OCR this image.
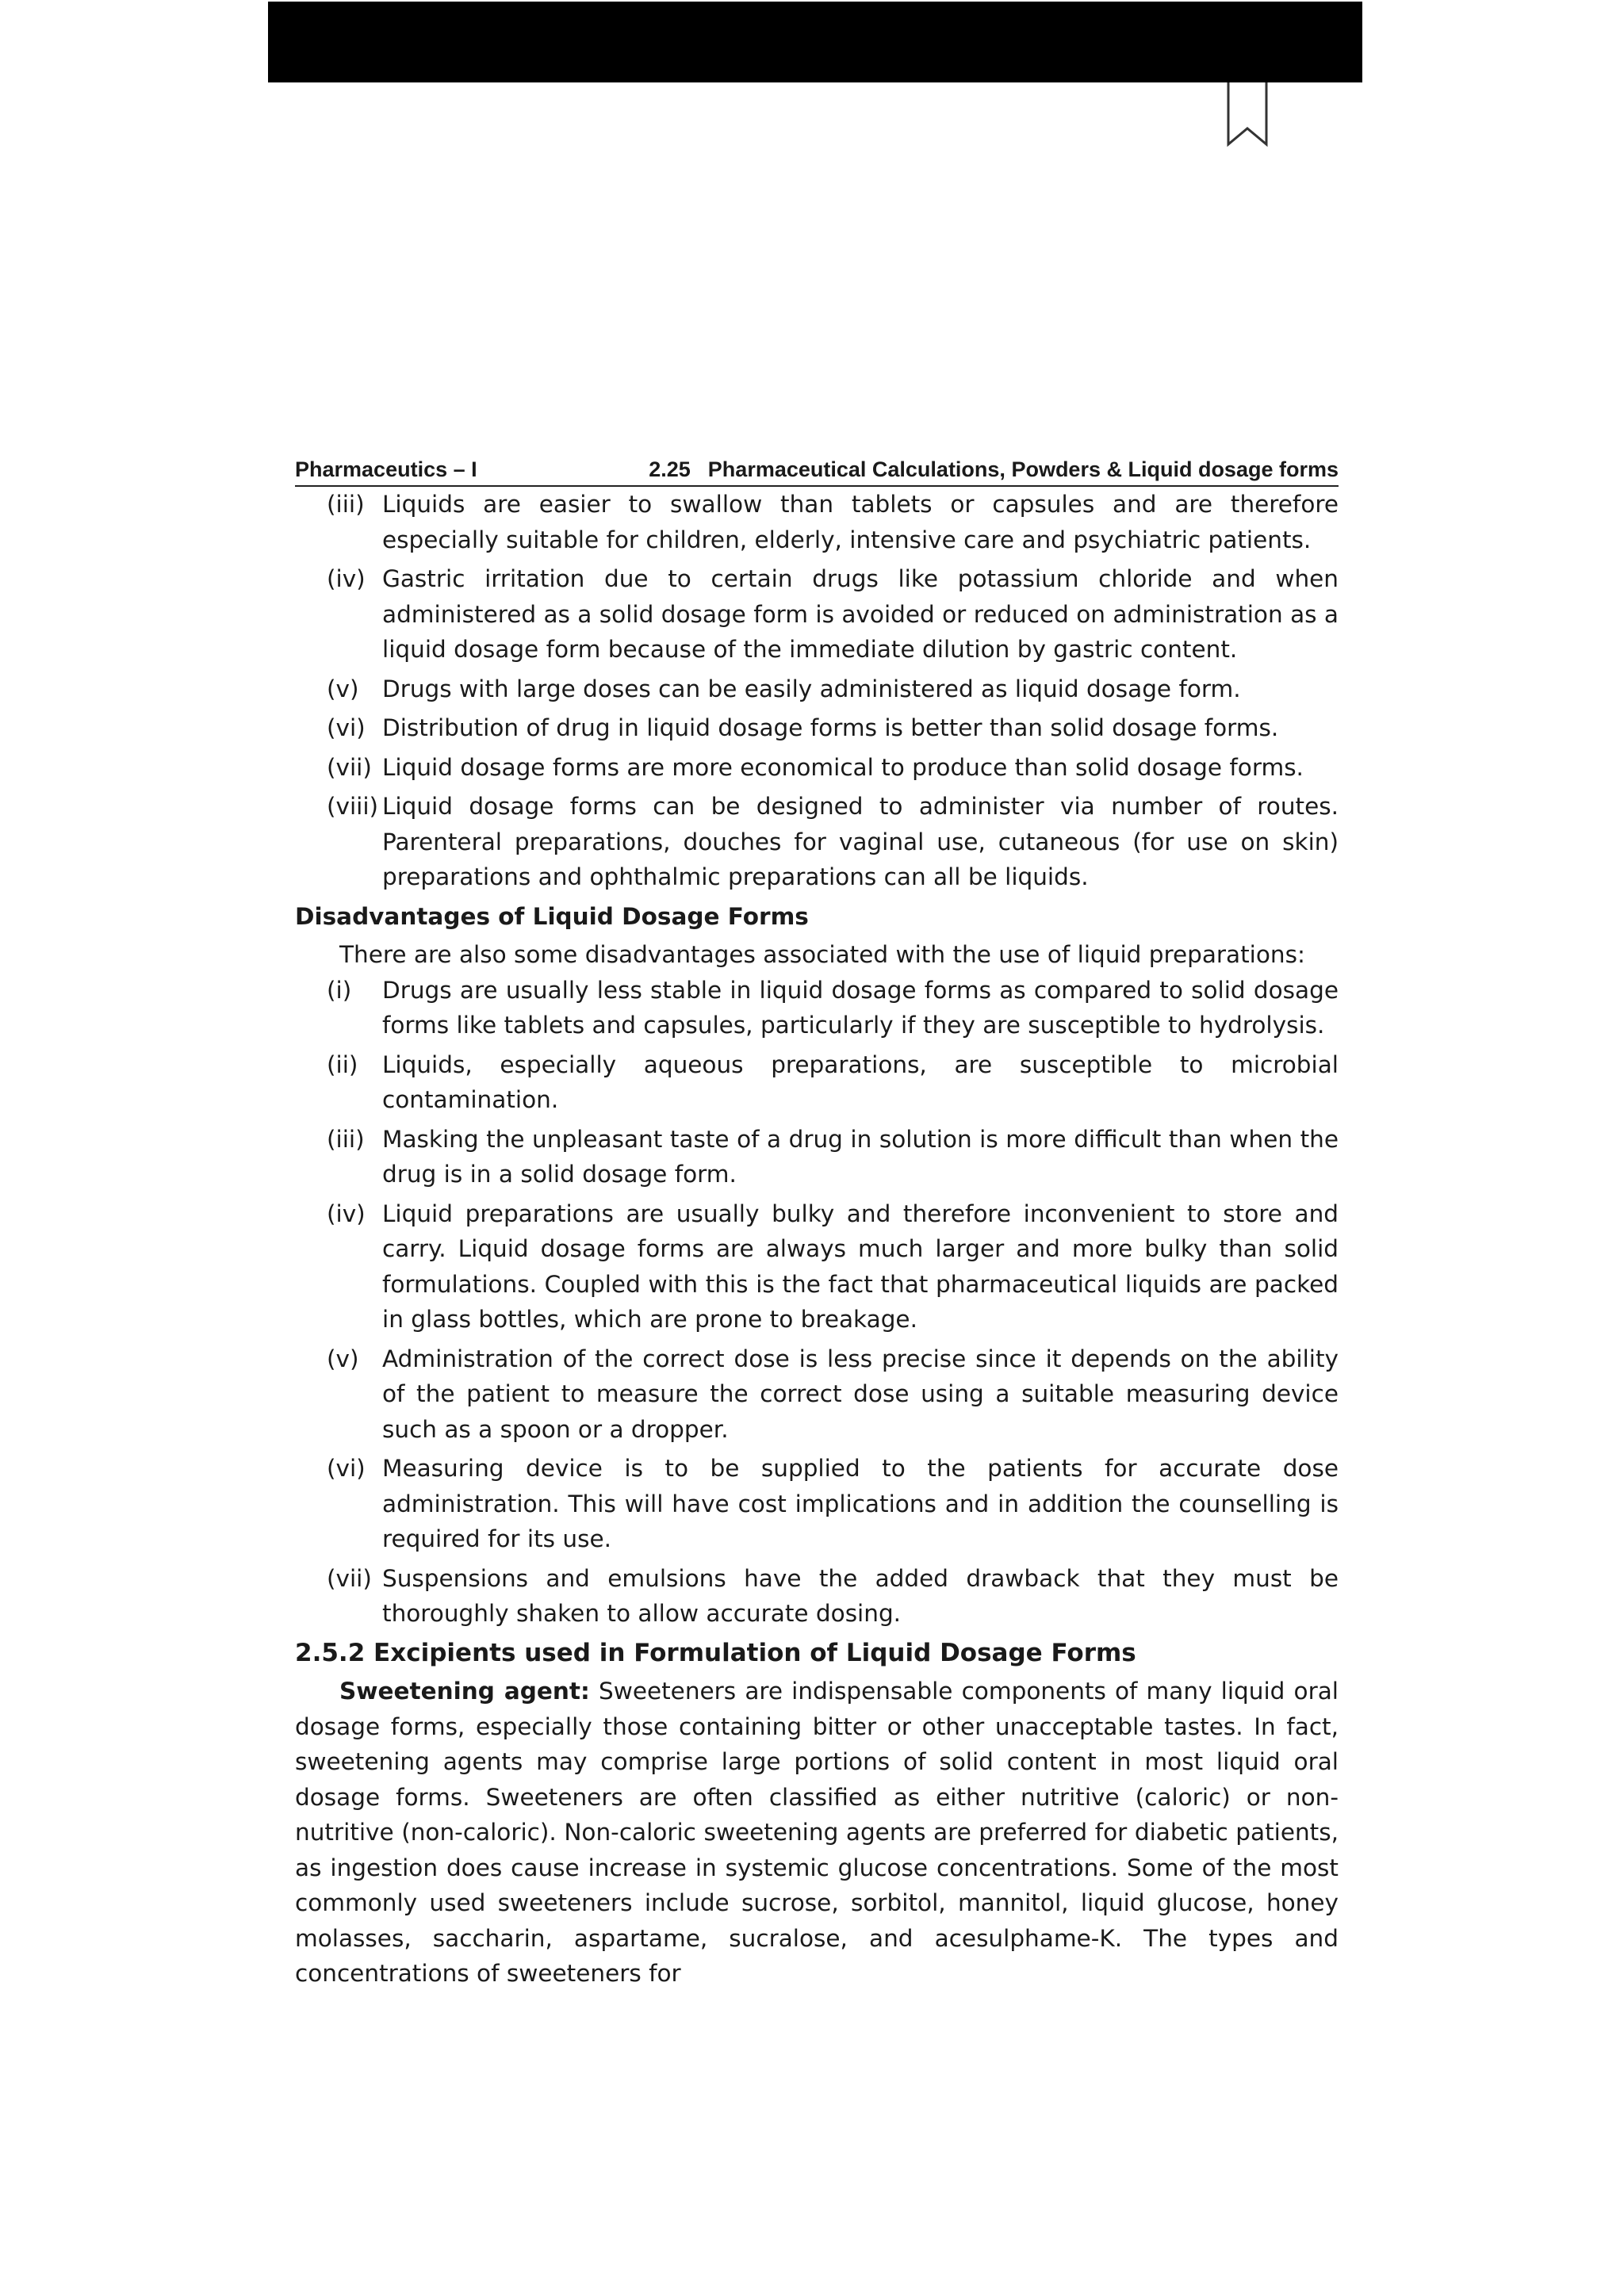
Pharmaceutics – I	2.25 Pharmaceutical Calculations, Powders & Liquid dosage forms
(iii) Liquids are easier to swallow than tablets or capsules and are therefore especially suitable for children, elderly, intensive care and psychiatric patients.
(iv) Gastric irritation due to certain drugs like potassium chloride and when administered as a solid dosage form is avoided or reduced on administration as a liquid dosage form because of the immediate dilution by gastric content.
(v) Drugs with large doses can be easily administered as liquid dosage form.
(vi) Distribution of drug in liquid dosage forms is better than solid dosage forms.
(vii) Liquid dosage forms are more economical to produce than solid dosage forms.
(viii) Liquid dosage forms can be designed to administer via number of routes. Parenteral preparations, douches for vaginal use, cutaneous (for use on skin) preparations and ophthalmic preparations can all be liquids.

Disadvantages of Liquid Dosage Forms

There are also some disadvantages associated with the use of liquid preparations:

(i) Drugs are usually less stable in liquid dosage forms as compared to solid dosage forms like tablets and capsules, particularly if they are susceptible to hydrolysis.
(ii) Liquids, especially aqueous preparations, are susceptible to microbial contamination.
(iii) Masking the unpleasant taste of a drug in solution is more difficult than when the drug is in a solid dosage form.
(iv) Liquid preparations are usually bulky and therefore inconvenient to store and carry. Liquid dosage forms are always much larger and more bulky than solid formulations. Coupled with this is the fact that pharmaceutical liquids are packed in glass bottles, which are prone to breakage.
(v) Administration of the correct dose is less precise since it depends on the ability of the patient to measure the correct dose using a suitable measuring device such as a spoon or a dropper.
(vi) Measuring device is to be supplied to the patients for accurate dose administration. This will have cost implications and in addition the counselling is required for its use.
(vii) Suspensions and emulsions have the added drawback that they must be thoroughly shaken to allow accurate dosing.

2.5.2 Excipients used in Formulation of Liquid Dosage Forms

Sweetening agent: Sweeteners are indispensable components of many liquid oral dosage forms, especially those containing bitter or other unacceptable tastes. In fact, sweetening agents may comprise large portions of solid content in most liquid oral dosage forms. Sweeteners are often classified as either nutritive (caloric) or non-nutritive (non-caloric). Non-caloric sweetening agents are preferred for diabetic patients, as ingestion does cause increase in systemic glucose concentrations. Some of the most commonly used sweeteners include sucrose, sorbitol, mannitol, liquid glucose, honey molasses, saccharin, aspartame, sucralose, and acesulphame-K. The types and concentrations of sweeteners for
